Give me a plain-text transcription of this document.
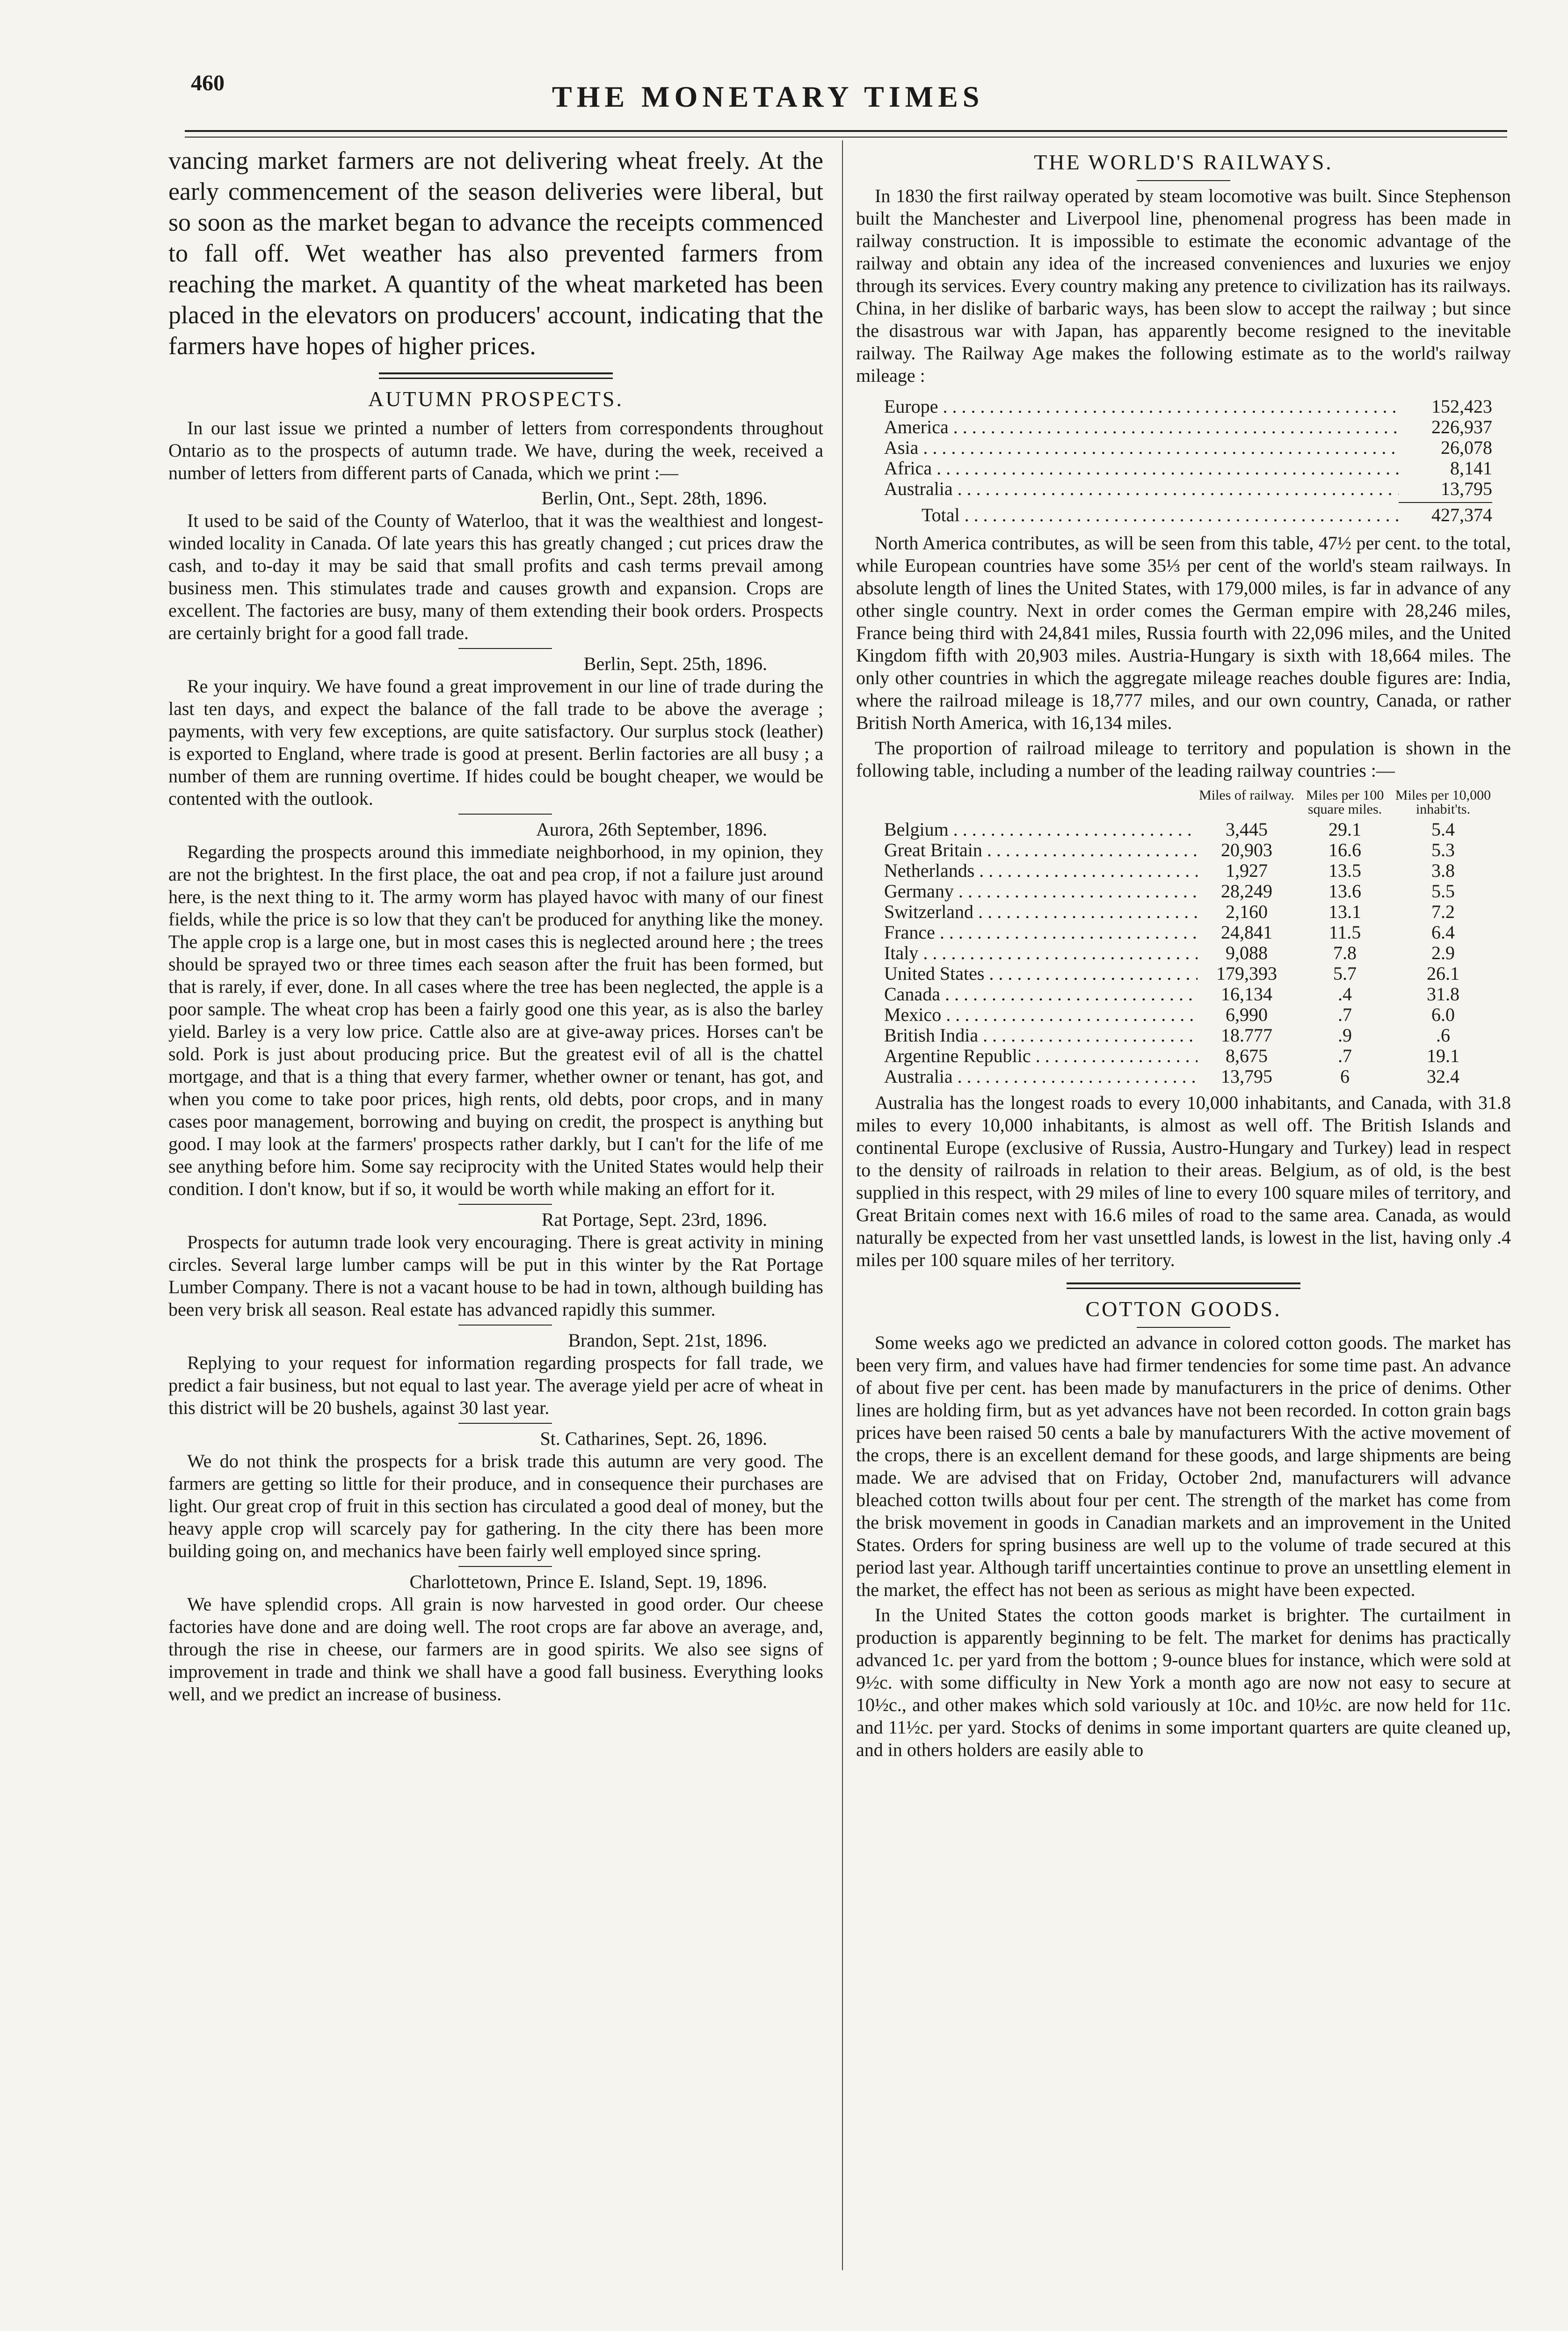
460	THE MONETARY TIMES
vancing market farmers are not delivering wheat freely. At the early commencement of the season deliveries were liberal, but so soon as the market began to advance the receipts commenced to fall off. Wet weather has also prevented farmers from reaching the market. A quantity of the wheat marketed has been placed in the elevators on producers' account, indicating that the farmers have hopes of higher prices.
AUTUMN PROSPECTS.
In our last issue we printed a number of letters from correspondents throughout Ontario as to the prospects of autumn trade. We have, during the week, received a number of letters from different parts of Canada, which we print :—
Berlin, Ont., Sept. 28th, 1896.
It used to be said of the County of Waterloo, that it was the wealthiest and longest-winded locality in Canada. Of late years this has greatly changed ; cut prices draw the cash, and to-day it may be said that small profits and cash terms prevail among business men. This stimulates trade and causes growth and expansion. Crops are excellent. The factories are busy, many of them extending their book orders. Prospects are certainly bright for a good fall trade.
Berlin, Sept. 25th, 1896.
Re your inquiry. We have found a great improvement in our line of trade during the last ten days, and expect the balance of the fall trade to be above the average ; payments, with very few exceptions, are quite satisfactory. Our surplus stock (leather) is exported to England, where trade is good at present. Berlin factories are all busy ; a number of them are running overtime. If hides could be bought cheaper, we would be contented with the outlook.
Aurora, 26th September, 1896.
Regarding the prospects around this immediate neighborhood, in my opinion, they are not the brightest. In the first place, the oat and pea crop, if not a failure just around here, is the next thing to it. The army worm has played havoc with many of our finest fields, while the price is so low that they can't be produced for anything like the money. The apple crop is a large one, but in most cases this is neglected around here ; the trees should be sprayed two or three times each season after the fruit has been formed, but that is rarely, if ever, done. In all cases where the tree has been neglected, the apple is a poor sample. The wheat crop has been a fairly good one this year, as is also the barley yield. Barley is a very low price. Cattle also are at give-away prices. Horses can't be sold. Pork is just about producing price. But the greatest evil of all is the chattel mortgage, and that is a thing that every farmer, whether owner or tenant, has got, and when you come to take poor prices, high rents, old debts, poor crops, and in many cases poor management, borrowing and buying on credit, the prospect is anything but good. I may look at the farmers' prospects rather darkly, but I can't for the life of me see anything before him. Some say reciprocity with the United States would help their condition. I don't know, but if so, it would be worth while making an effort for it.
Rat Portage, Sept. 23rd, 1896.
Prospects for autumn trade look very encouraging. There is great activity in mining circles. Several large lumber camps will be put in this winter by the Rat Portage Lumber Company. There is not a vacant house to be had in town, although building has been very brisk all season. Real estate has advanced rapidly this summer.
Brandon, Sept. 21st, 1896.
Replying to your request for information regarding prospects for fall trade, we predict a fair business, but not equal to last year. The average yield per acre of wheat in this district will be 20 bushels, against 30 last year.
St. Catharines, Sept. 26, 1896.
We do not think the prospects for a brisk trade this autumn are very good. The farmers are getting so little for their produce, and in consequence their purchases are light. Our great crop of fruit in this section has circulated a good deal of money, but the heavy apple crop will scarcely pay for gathering. In the city there has been more building going on, and mechanics have been fairly well employed since spring.
Charlottetown, Prince E. Island, Sept. 19, 1896.
We have splendid crops. All grain is now harvested in good order. Our cheese factories have done and are doing well. The root crops are far above an average, and, through the rise in cheese, our farmers are in good spirits. We also see signs of improvement in trade and think we shall have a good fall business. Everything looks well, and we predict an increase of business.
THE WORLD'S RAILWAYS.
In 1830 the first railway operated by steam locomotive was built. Since Stephenson built the Manchester and Liverpool line, phenomenal progress has been made in railway construction. It is impossible to estimate the economic advantage of the railway and obtain any idea of the increased conveniences and luxuries we enjoy through its services. Every country making any pretence to civilization has its railways. China, in her dislike of barbaric ways, has been slow to accept the railway ; but since the disastrous war with Japan, has apparently become resigned to the inevitable railway. The Railway Age makes the following estimate as to the world's railway mileage :
Europe . . .	152,423
America . . .	226,937
Asia . . .	26,078
Africa . . .	8,141
Australia . . .	13,795
Total . . .	427,374
North America contributes, as will be seen from this table, 47½ per cent. to the total, while European countries have some 35⅓ per cent of the world's steam railways. In absolute length of lines the United States, with 179,000 miles, is far in advance of any other single country. Next in order comes the German empire with 28,246 miles, France being third with 24,841 miles, Russia fourth with 22,096 miles, and the United Kingdom fifth with 20,903 miles. Austria-Hungary is sixth with 18,664 miles. The only other countries in which the aggregate mileage reaches double figures are: India, where the railroad mileage is 18,777 miles, and our own country, Canada, or rather British North America, with 16,134 miles.
The proportion of railroad mileage to territory and population is shown in the following table, including a number of the leading railway countries :—
Miles of railway. Miles per 100 square miles.
Miles per 10,000 inhabit'ts.
Belgium . . .	3,445	29.1	5.4
Great Britain . . .	20,903	16.6	5.3
Netherlands . . .	1,927	13.5	3.8
Germany . . .	28,249	13.6	5.5
Switzerland . . .	2,160	13.1	7.2
France . . .	24,841	11.5	6.4
Italy . . .	9,088	7.8	2.9
United States . . .	179,393	5.7	26.1
Canada . . .	16,134	.4	31.8
Mexico . . .	6,990	.7	6.0
British India . . .	18.777	.9	.6
Argentine Republic . . .	8,675	.7	19.1
Australia . . .	13,795	6	32.4
Australia has the longest roads to every 10,000 inhabitants, and Canada, with 31.8 miles to every 10,000 inhabitants, is almost as well off. The British Islands and continental Europe (exclusive of Russia, Austro-Hungary and Turkey) lead in respect to the density of railroads in relation to their areas. Belgium, as of old, is the best supplied in this respect, with 29 miles of line to every 100 square miles of territory, and Great Britain comes next with 16.6 miles of road to the same area. Canada, as would naturally be expected from her vast unsettled lands, is lowest in the list, having only .4 miles per 100 square miles of her territory.
COTTON GOODS.
Some weeks ago we predicted an advance in colored cotton goods. The market has been very firm, and values have had firmer tendencies for some time past. An advance of about five per cent. has been made by manufacturers in the price of denims. Other lines are holding firm, but as yet advances have not been recorded. In cotton grain bags prices have been raised 50 cents a bale by manufacturers With the active movement of the crops, there is an excellent demand for these goods, and large shipments are being made. We are advised that on Friday, October 2nd, manufacturers will advance bleached cotton twills about four per cent. The strength of the market has come from the brisk movement in goods in Canadian markets and an improvement in the United States. Orders for spring business are well up to the volume of trade secured at this period last year. Although tariff uncertainties continue to prove an unsettling element in the market, the effect has not been as serious as might have been expected.
In the United States the cotton goods market is brighter. The curtailment in production is apparently beginning to be felt. The market for denims has practically advanced 1c. per yard from the bottom ; 9-ounce blues for instance, which were sold at 9½c. with some difficulty in New York a month ago are now not easy to secure at 10½c., and other makes which sold variously at 10c. and 10½c. are now held for 11c. and 11½c. per yard. Stocks of denims in some important quarters are quite cleaned up, and in others holders are easily able to
